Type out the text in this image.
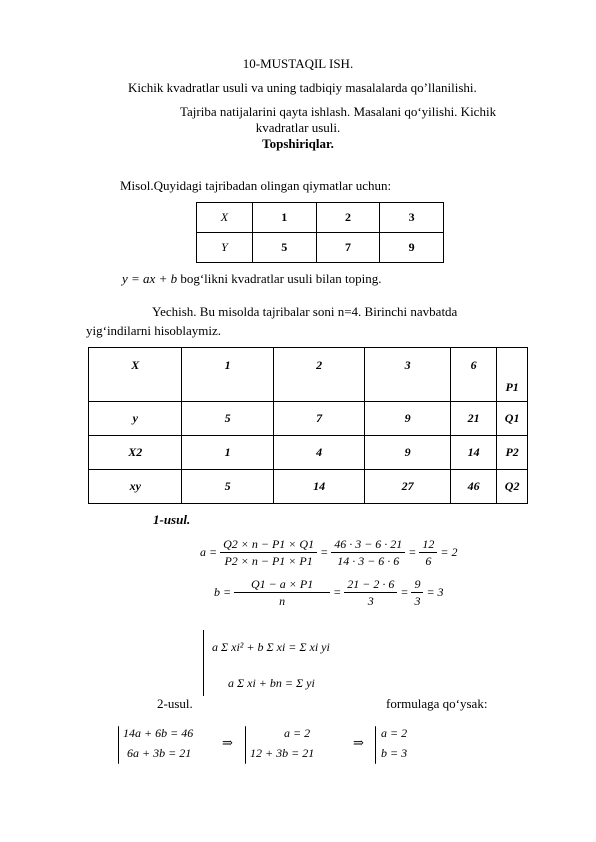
10-MUSTAQIL ISH.
Kichik kvadratlar usuli va uning tadbiqiy masalalarda qo’llanilishi.
Tajriba natijalarini qayta ishlash. Masalani qo‘yilishi. Kichik
kvadratlar usuli.
Topshiriqlar.
Misol.Quyidagi tajribadan olingan qiymatlar uchun:
X	1	2	3
Y	5	7	9
y = ax + b bog‘likni kvadratlar usuli bilan toping.
Yechish. Bu misolda tajribalar soni n=4. Birinchi navbatda
yig‘indilarni hisoblaymiz.
X	1	2	3	6	P1
y	5	7	9	21	Q1
X2	1	4	9	14	P2
xy	5	14	27	46	Q2
1-usul.
$a = \frac{Q2 \times n - P1 \times Q1}{P2 \times n - P1 \times P1} = \frac{46 \cdot 3 - 6 \cdot 21}{14 \cdot 3 - 6 \cdot 6} = \frac{12}{6} = 2$
$b = \frac{Q1 - a \times P1}{n} = \frac{21 - 2 \cdot 6}{3} = \frac{9}{3} = 3$
a Σ xi² + b Σ xi = Σ xi yi
a Σ xi + bn = Σ yi
2-usul.	formulaga qo‘ysak:
14a + 6b = 46
6a + 3b = 21
⇒
a = 2
12 + 3b = 21
⇒
a = 2
b = 3
